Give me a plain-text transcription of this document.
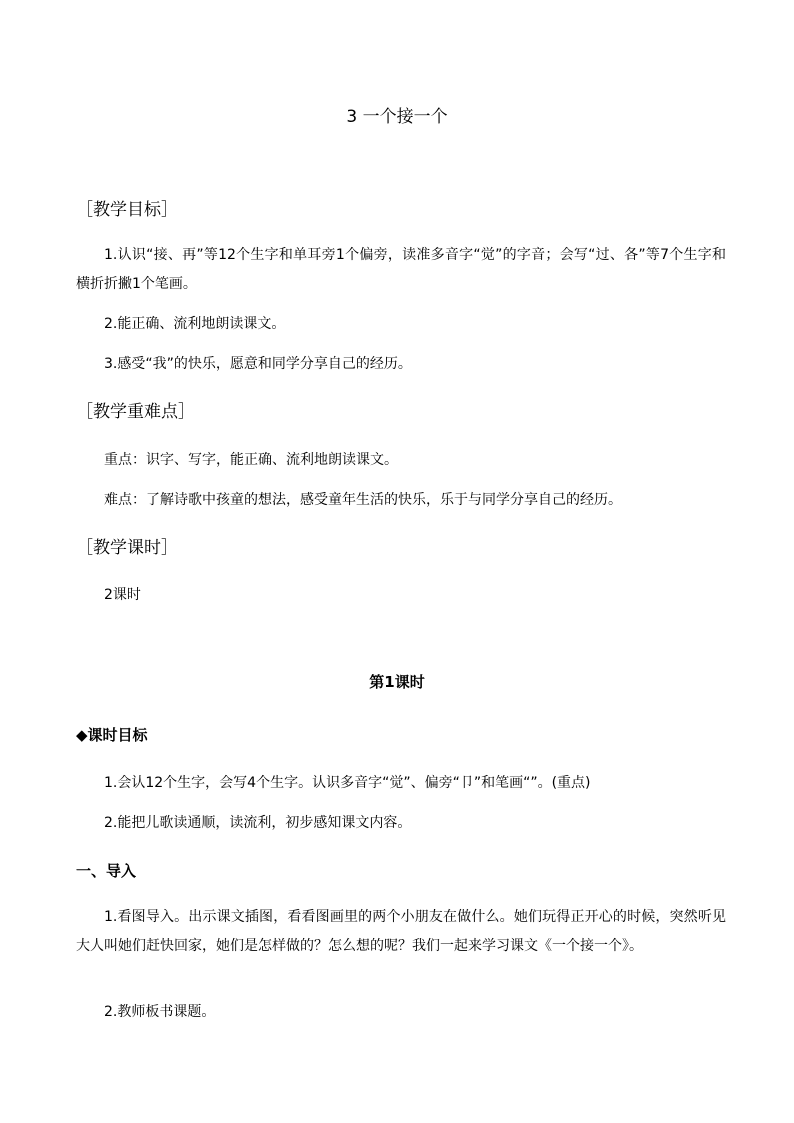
3 一个接一个
［教学目标］
1.认识“接、再”等12个生字和单耳旁1个偏旁，读准多音字“觉”的字音；会写“过、各”等7个生字和横折折撇1个笔画。
2.能正确、流利地朗读课文。
3.感受“我”的快乐，愿意和同学分享自己的经历。
［教学重难点］
重点：识字、写字，能正确、流利地朗读课文。
难点：了解诗歌中孩童的想法，感受童年生活的快乐，乐于与同学分享自己的经历。
［教学课时］
2课时
第1课时
◆课时目标
1.会认12个生字，会写4个生字。认识多音字“觉”、偏旁“卩”和笔画“”。(重点)
2.能把儿歌读通顺，读流利，初步感知课文内容。
一、导入
1.看图导入。出示课文插图，看看图画里的两个小朋友在做什么。她们玩得正开心的时候，突然听见大人叫她们赶快回家，她们是怎样做的？怎么想的呢？我们一起来学习课文《一个接一个》。
2.教师板书课题。
